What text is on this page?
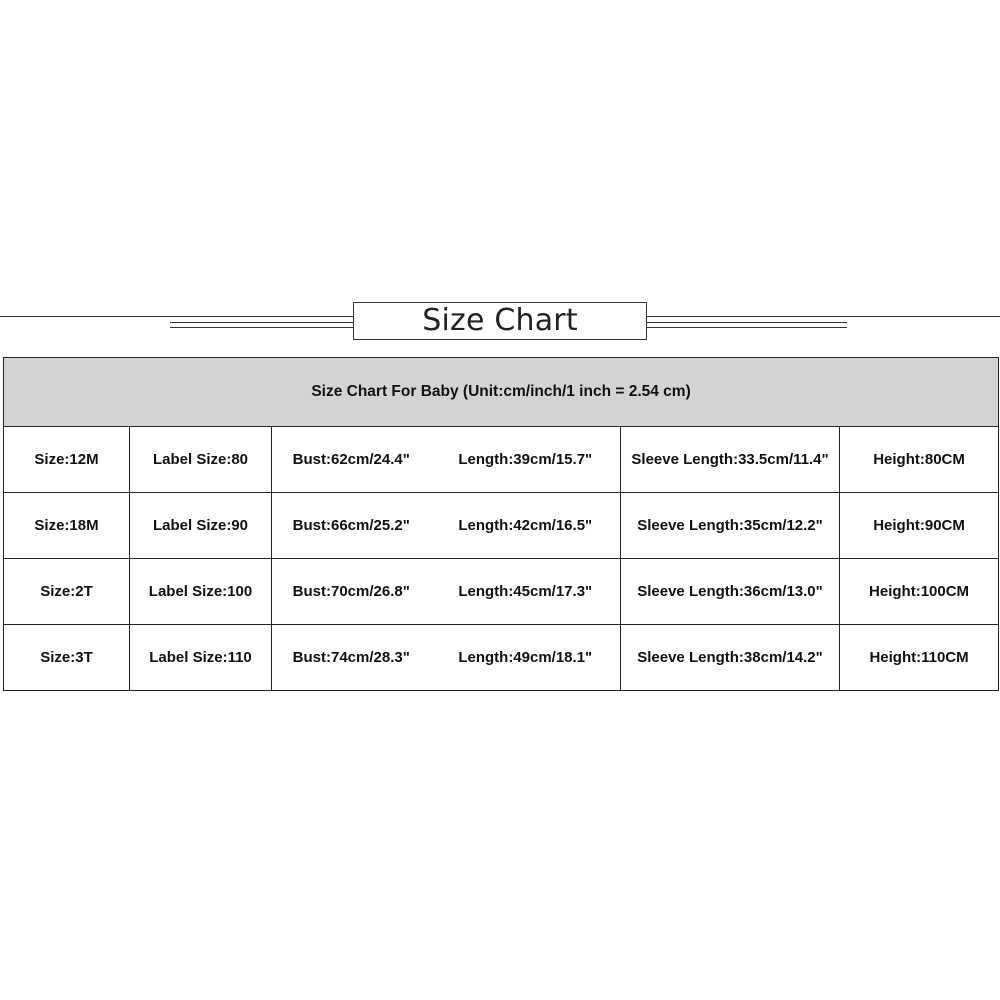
Size Chart
Size Chart For Baby (Unit:cm/inch/1 inch = 2.54 cm)					
Size:12M	Label Size:80	Bust:62cm/24.4"	Length:39cm/15.7"	Sleeve Length:33.5cm/11.4"	Height:80CM
Size:18M	Label Size:90	Bust:66cm/25.2"	Length:42cm/16.5"	Sleeve Length:35cm/12.2"	Height:90CM
Size:2T	Label Size:100	Bust:70cm/26.8"	Length:45cm/17.3"	Sleeve Length:36cm/13.0"	Height:100CM
Size:3T	Label Size:110	Bust:74cm/28.3"	Length:49cm/18.1"	Sleeve Length:38cm/14.2"	Height:110CM
